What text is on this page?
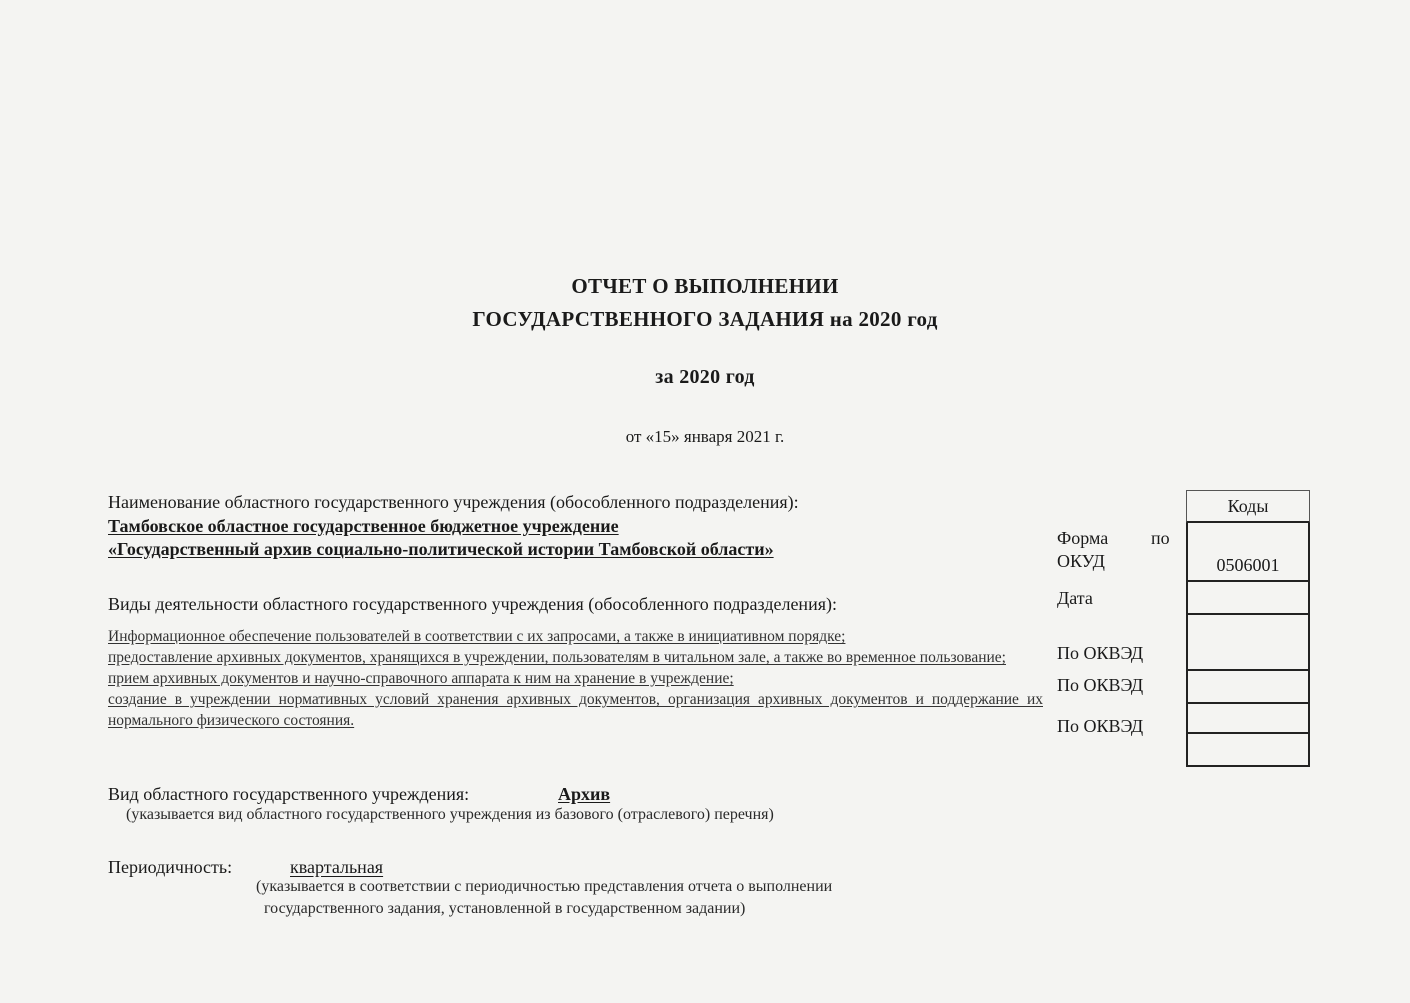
ОТЧЕТ О ВЫПОЛНЕНИИ
ГОСУДАРСТВЕННОГО ЗАДАНИЯ на 2020 год
за 2020 год
от «15» января 2021 г.
Наименование областного государственного учреждения (обособленного подразделения):
Тамбовское областное государственное бюджетное учреждение
«Государственный архив социально-политической истории Тамбовской области»
Виды деятельности областного государственного учреждения (обособленного подразделения):

Информационное обеспечение пользователей в соответствии с их запросами, а также в инициативном порядке;

предоставление архивных документов, хранящихся в учреждении, пользователям в читальном зале, а также во временное пользование;

прием архивных документов и научно-справочного аппарата к ним на хранение в учреждение;

создание в учреждении нормативных условий хранения архивных документов, организация архивных документов и поддержание их нормального физического состояния.

Вид областного государственного учреждения:	Архив
(указывается вид областного государственного учреждения из базового (отраслевого) перечня)
Периодичность:	квартальная
(указывается в соответствии с периодичностью представления отчета о выполнении
государственного задания, установленной в государственном задании)
Форма по
ОКУД
Дата
По ОКВЭД
По ОКВЭД
По ОКВЭД
Коды
0506001
